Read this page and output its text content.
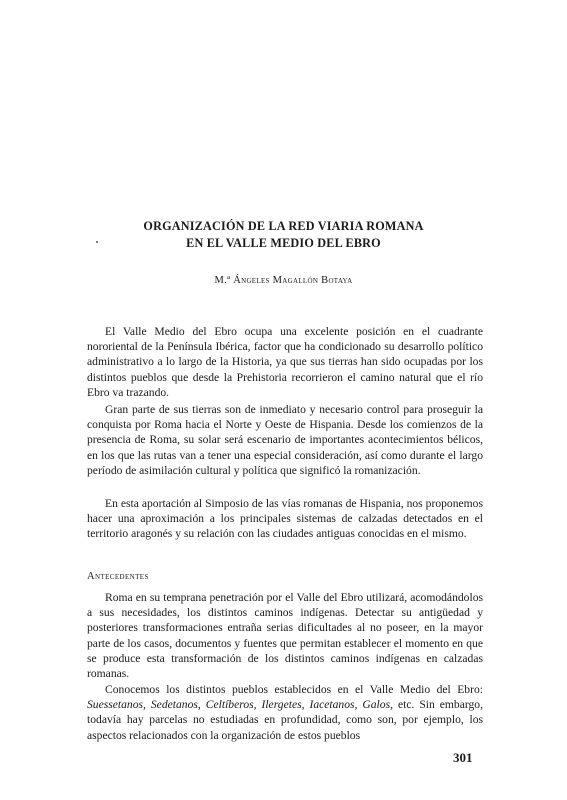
ORGANIZACIÓN DE LA RED VIARIA ROMANA
EN EL VALLE MEDIO DEL EBRO
M.ª Ángeles Magallón Botaya

El Valle Medio del Ebro ocupa una excelente posición en el cuadrante nororiental de la Península Ibérica, factor que ha condicionado su desarrollo político administrativo a lo largo de la Historia, ya que sus tierras han sido ocupadas por los distintos pueblos que desde la Prehistoria recorrieron el camino natural que el río Ebro va trazando.

Gran parte de sus tierras son de inmediato y necesario control para proseguir la conquista por Roma hacia el Norte y Oeste de Hispania. Desde los comienzos de la presencia de Roma, su solar será escenario de importantes acontecimientos bélicos, en los que las rutas van a tener una especial consideración, así como durante el largo período de asimilación cultural y política que significó la romanización.

En esta aportación al Simposio de las vías romanas de Hispania, nos proponemos hacer una aproximación a los principales sistemas de calzadas detectados en el territorio aragonés y su relación con las ciudades antiguas conocidas en el mismo.

Antecedentes

Roma en su temprana penetración por el Valle del Ebro utilizará, acomodándolos a sus necesidades, los distintos caminos indígenas. Detectar su antigüedad y posteriores transformaciones entraña serias dificultades al no poseer, en la mayor parte de los casos, documentos y fuentes que permitan establecer el momento en que se produce esta transformación de los distintos caminos indígenas en calzadas romanas.

Conocemos los distintos pueblos establecidos en el Valle Medio del Ebro: Suessetanos, Sedetanos, Celtíberos, Ilergetes, Iacetanos, Galos, etc. Sin embargo, todavía hay parcelas no estudiadas en profundidad, como son, por ejemplo, los aspectos relacionados con la organización de estos pueblos

301
